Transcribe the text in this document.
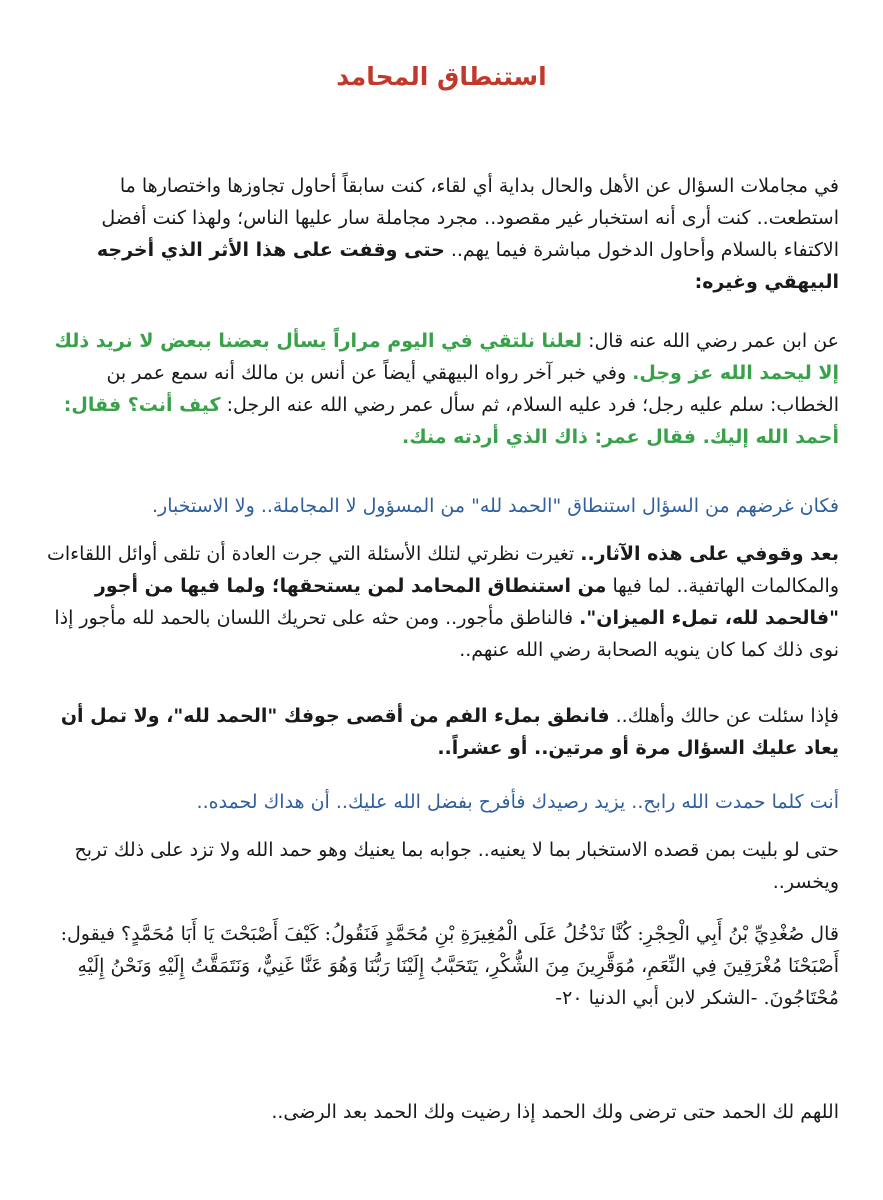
استنطاق المحامد
في مجاملات السؤال عن الأهل والحال بداية أي لقاء، كنت سابقاً أحاول تجاوزها واختصارها ما استطعت.. كنت أرى أنه استخبار غير مقصود.. مجرد مجاملة سار عليها الناس؛ ولهذا كنت أفضل الاكتفاء بالسلام وأحاول الدخول مباشرة فيما يهم.. حتى وقفت على هذا الأثر الذي أخرجه البيهقي وغيره:
عن ابن عمر رضي الله عنه قال: لعلنا نلتقي في اليوم مراراً يسأل بعضنا ببعض لا نريد ذلك إلا ليحمد الله عز وجل. وفي خبر آخر رواه البيهقي أيضاً عن أنس بن مالك أنه سمع عمر بن الخطاب: سلم عليه رجل؛ فرد عليه السلام، ثم سأل عمر رضي الله عنه الرجل: كيف أنت؟ فقال: أحمد الله إليك. فقال عمر: ذاك الذي أردته منك.
فكان غرضهم من السؤال استنطاق "الحمد لله" من المسؤول لا المجاملة.. ولا الاستخبار.
بعد وقوفي على هذه الآثار.. تغيرت نظرتي لتلك الأسئلة التي جرت العادة أن تلقى أوائل اللقاءات والمكالمات الهاتفية.. لما فيها من استنطاق المحامد لمن يستحقها؛ ولما فيها من أجور "فالحمد لله، تملء الميزان". فالناطق مأجور.. ومن حثه على تحريك اللسان بالحمد لله مأجور إذا نوى ذلك كما كان ينويه الصحابة رضي الله عنهم..
فإذا سئلت عن حالك وأهلك.. فانطق بملء الفم من أقصى جوفك "الحمد لله"، ولا تمل أن يعاد عليك السؤال مرة أو مرتين.. أو عشراً..
أنت كلما حمدت الله رابح.. يزيد رصيدك فأفرح بفضل الله عليك.. أن هداك لحمده..
حتى لو بليت بمن قصده الاستخبار بما لا يعنيه.. جوابه بما يعنيك وهو حمد الله ولا تزد على ذلك تربح ويخسر..
قال صُغْدِيِّ بْنُ أَبِي الْحِجْرِ: كُنَّا نَدْخُلُ عَلَى الْمُغِيرَةِ بْنِ مُحَمَّدٍ فَنَقُولُ: كَيْفَ أَصْبَحْتَ يَا أَبَا مُحَمَّدٍ؟ فيقول: أَصْبَحْنَا مُغْرَقِينَ فِي النِّعَمِ، مُوَقَّرِينَ مِنَ الشُّكْرِ، يَتَحَبَّبُ إِلَيْنَا رَبُّنَا وَهُوَ عَنَّا غَنِيٌّ، وَنَتَمَقَّتُ إِلَيْهِ وَنَحْنُ إِلَيْهِ مُحْتَاجُونَ. -الشكر لابن أبي الدنيا ٢٠-
اللهم لك الحمد حتى ترضى ولك الحمد إذا رضيت ولك الحمد بعد الرضى..
